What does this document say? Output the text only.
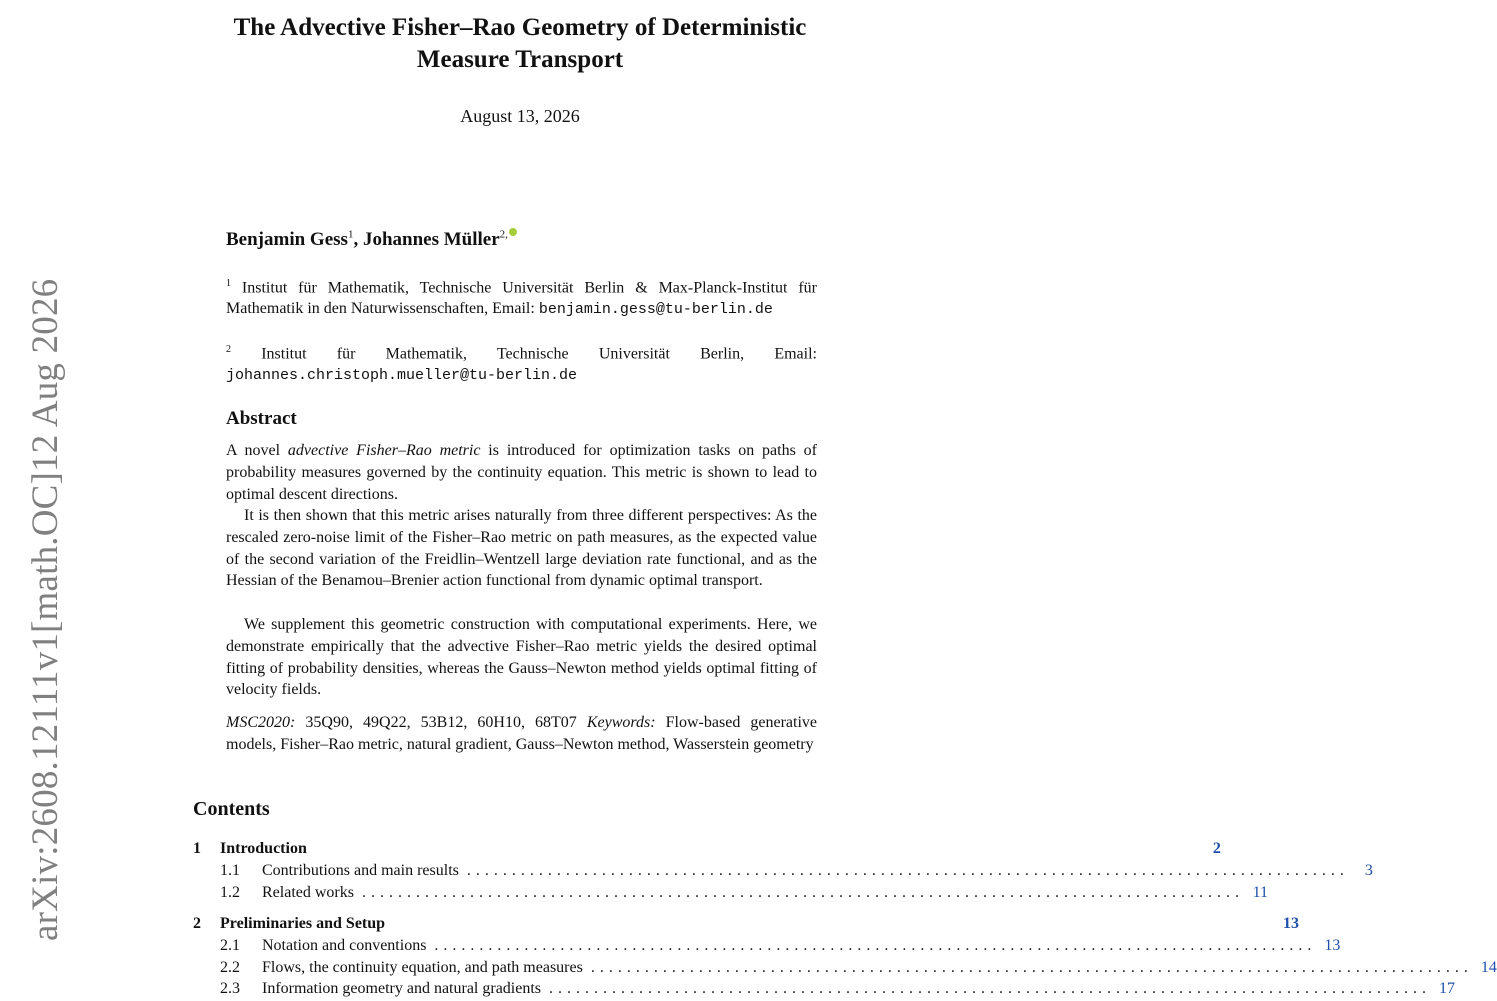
arXiv:2608.12111v1
[math.OC]
12 Aug 2026
The Advective Fisher–Rao Geometry of Deterministic
Measure Transport
August 13, 2026
Benjamin Gess$^1$, Johannes Müller$^{2,}$
$^1$ Institut für Mathematik, Technische Universität Berlin & Max-Planck-Institut für Mathematik in den Naturwissenschaften, Email: benjamin.gess@tu-berlin.de
$^2$ Institut für Mathematik, Technische Universität Berlin, Email: johannes.christoph.mueller@tu-berlin.de
Abstract
A novel advective Fisher–Rao metric is introduced for optimization tasks on paths of probability measures governed by the continuity equation. This metric is shown to lead to optimal descent directions.
It is then shown that this metric arises naturally from three different perspectives: As the rescaled zero-noise limit of the Fisher–Rao metric on path measures, as the expected value of the second variation of the Freidlin–Wentzell large deviation rate functional, and as the Hessian of the Benamou–Brenier action functional from dynamic optimal transport.
We supplement this geometric construction with computational experiments. Here, we demonstrate empirically that the advective Fisher–Rao metric yields the desired optimal fitting of probability densities, whereas the Gauss–Newton method yields optimal fitting of velocity fields.
MSC2020: 35Q90, 49Q22, 53B12, 60H10, 68T07 Keywords: Flow-based generative models, Fisher–Rao metric, natural gradient, Gauss–Newton method, Wasserstein geometry
Contents
1	Introduction	2
1.1	Contributions and main results ..................................................................................................	3
1.2	Related works .................................................................................................. 11
2	Preliminaries and Setup	13
2.1	Notation and conventions .................................................................................................. 13
2.2	Flows, the continuity equation, and path measures .................................................................................................. 14
2.3	Information geometry and natural gradients .................................................................................................. 17
